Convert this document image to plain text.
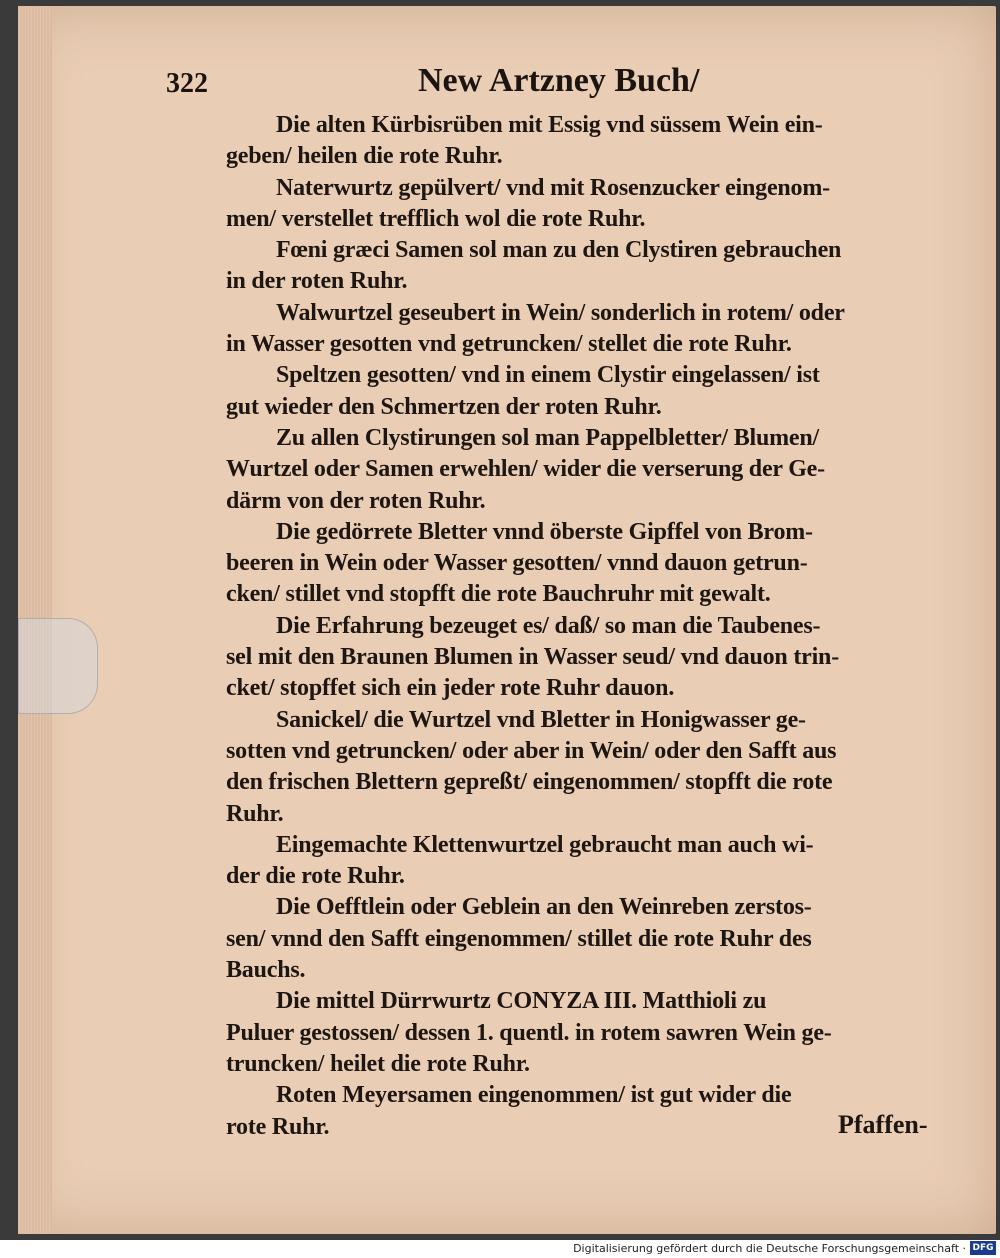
322	New Artzney Buch/
Die alten Kürbisrüben mit Essig vnd süssem Wein ein-
geben/ heilen die rote Ruhr.
Naterwurtz gepülvert/ vnd mit Rosenzucker eingenom-
men/ verstellet trefflich wol die rote Ruhr.
Fœni græci Samen sol man zu den Clystiren gebrauchen
in der roten Ruhr.
Walwurtzel geseubert in Wein/ sonderlich in rotem/ oder
in Wasser gesotten vnd getruncken/ stellet die rote Ruhr.
Speltzen gesotten/ vnd in einem Clystir eingelassen/ ist
gut wieder den Schmertzen der roten Ruhr.
Zu allen Clystirungen sol man Pappelbletter/ Blumen/
Wurtzel oder Samen erwehlen/ wider die verserung der Ge-
därm von der roten Ruhr.
Die gedörrete Bletter vnnd öberste Gipffel von Brom-
beeren in Wein oder Wasser gesotten/ vnnd dauon getrun-
cken/ stillet vnd stopfft die rote Bauchruhr mit gewalt.
Die Erfahrung bezeuget es/ daß/ so man die Taubenes-
sel mit den Braunen Blumen in Wasser seud/ vnd dauon trin-
cket/ stopffet sich ein jeder rote Ruhr dauon.
Sanickel/ die Wurtzel vnd Bletter in Honigwasser ge-
sotten vnd getruncken/ oder aber in Wein/ oder den Safft aus
den frischen Blettern gepreßt/ eingenommen/ stopfft die rote
Ruhr.
Eingemachte Klettenwurtzel gebraucht man auch wi-
der die rote Ruhr.
Die Oefftlein oder Geblein an den Weinreben zerstos-
sen/ vnnd den Safft eingenommen/ stillet die rote Ruhr des
Bauchs.
Die mittel Dürrwurtz CONYZA III. Matthioli zu
Puluer gestossen/ dessen 1. quentl. in rotem sawren Wein ge-
truncken/ heilet die rote Ruhr.
Roten Meyersamen eingenommen/ ist gut wider die
rote Ruhr.	Pfaffen-
Digitalisierung gefördert durch die Deutsche Forschungsgemeinschaft · DFG
